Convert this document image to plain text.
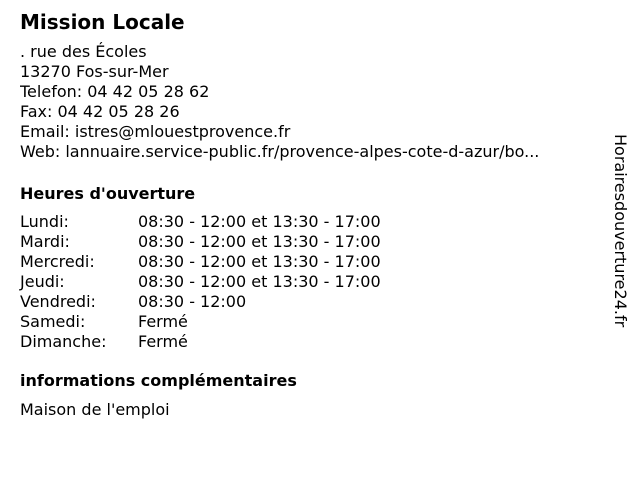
Mission Locale
. rue des Écoles
13270 Fos-sur-Mer
Telefon: 04 42 05 28 62
Fax: 04 42 05 28 26
Email: istres@mlouestprovence.fr
Web: lannuaire.service-public.fr/provence-alpes-cote-d-azur/bo...
Heures d'ouverture
Lundi:	08:30 - 12:00 et 13:30 - 17:00
Mardi:	08:30 - 12:00 et 13:30 - 17:00
Mercredi:	08:30 - 12:00 et 13:30 - 17:00
Jeudi:	08:30 - 12:00 et 13:30 - 17:00
Vendredi:	08:30 - 12:00
Samedi:	Fermé
Dimanche:	Fermé
informations complémentaires
Maison de l'emploi
Horairesdouverture24.fr
